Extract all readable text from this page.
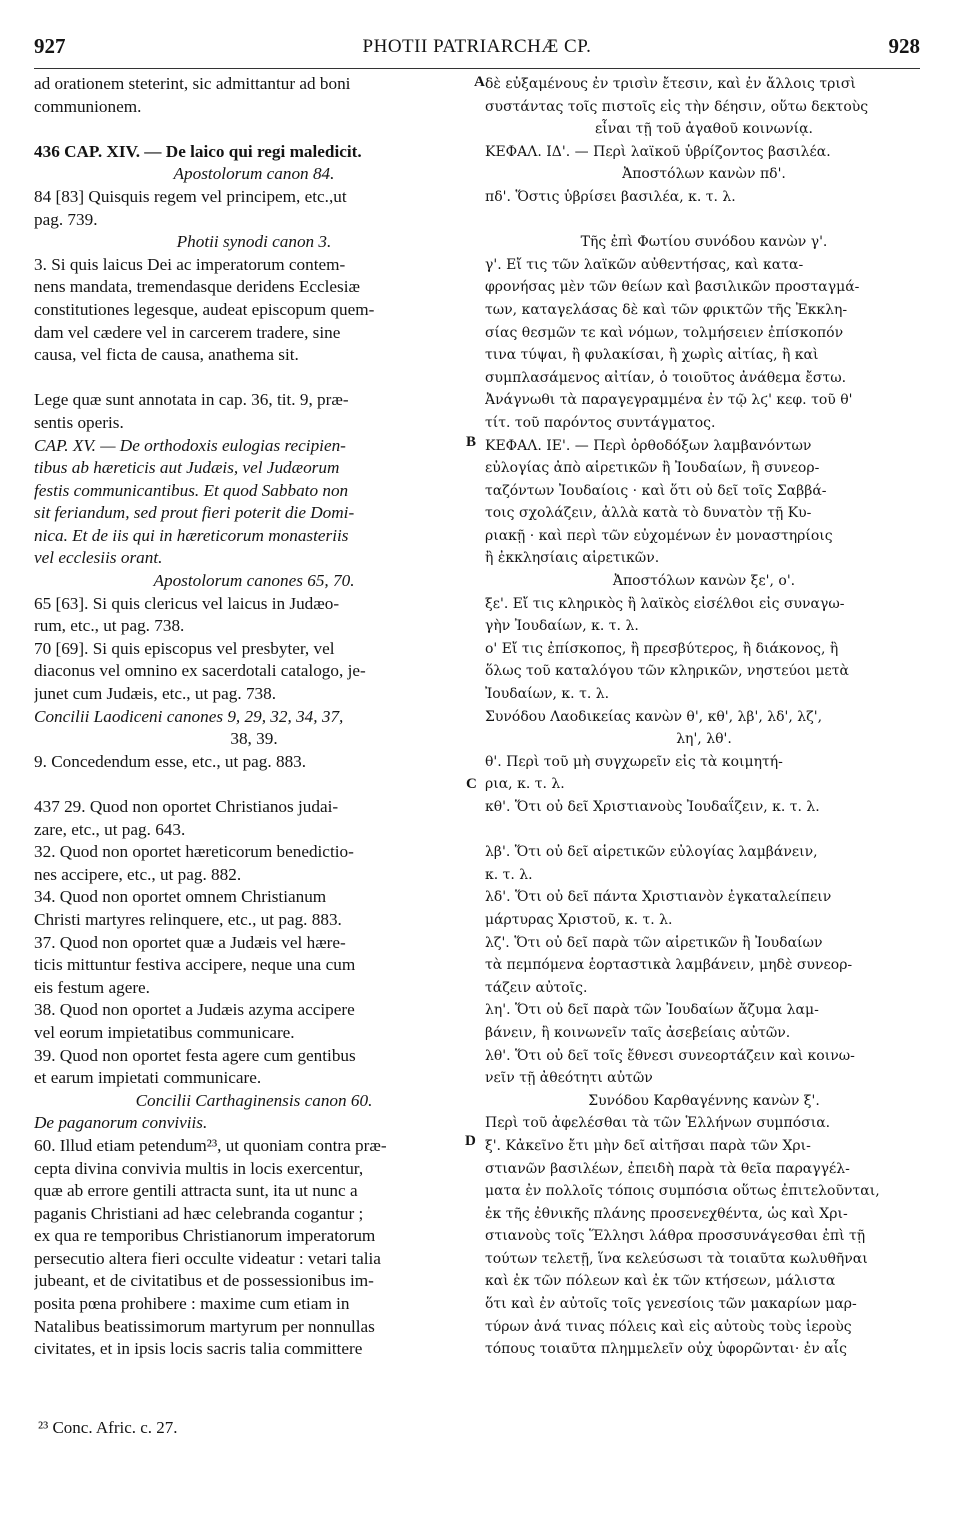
927	PHOTII PATRIARCHÆ CP.	928
A
B
C
D
ad orationem steterint, sic admittantur ad boni
communionem.
436 CAP. XIV. — De laico qui regi maledicit.
Apostolorum canon 84.
84 [83] Quisquis regem vel principem, etc.,ut
pag. 739.
Photii synodi canon 3.
3. Si quis laicus Dei ac imperatorum contem-
nens mandata, tremendasque deridens Ecclesiæ
constitutiones legesque, audeat episcopum quem-
dam vel cædere vel in carcerem tradere, sine
causa, vel ficta de causa, anathema sit.
Lege quæ sunt annotata in cap. 36, tit. 9, præ-
sentis operis.
CAP. XV. — De orthodoxis eulogias recipien-
tibus ab hæreticis aut Judæis, vel Judæorum
festis communicantibus. Et quod Sabbato non
sit feriandum, sed prout fieri poterit die Domi-
nica. Et de iis qui in hæreticorum monasteriis
vel ecclesiis orant.
Apostolorum canones 65, 70.
65 [63]. Si quis clericus vel laicus in Judæo-
rum, etc., ut pag. 738.
70 [69]. Si quis episcopus vel presbyter, vel
diaconus vel omnino ex sacerdotali catalogo, je-
junet cum Judæis, etc., ut pag. 738.
Concilii Laodiceni canones 9, 29, 32, 34, 37,
38, 39.
9. Concedendum esse, etc., ut pag. 883.
437 29. Quod non oportet Christianos judai-
zare, etc., ut pag. 643.
32. Quod non oportet hæreticorum benedictio-
nes accipere, etc., ut pag. 882.
34. Quod non oportet omnem Christianum
Christi martyres relinquere, etc., ut pag. 883.
37. Quod non oportet quæ a Judæis vel hære-
ticis mittuntur festiva accipere, neque una cum
eis festum agere.
38. Quod non oportet a Judæis azyma accipere
vel eorum impietatibus communicare.
39. Quod non oportet festa agere cum gentibus
et earum impietati communicare.
Concilii Carthaginensis canon 60.
De paganorum conviviis.
60. Illud etiam petendum²³, ut quoniam contra præ-
cepta divina convivia multis in locis exercentur,
quæ ab errore gentili attracta sunt, ita ut nunc a
paganis Christiani ad hæc celebranda cogantur ;
ex qua re temporibus Christianorum imperatorum
persecutio altera fieri occulte videatur : vetari talia
jubeant, et de civitatibus et de possessionibus im-
posita pœna prohibere : maxime cum etiam in
Natalibus beatissimorum martyrum per nonnullas
civitates, et in ipsis locis sacris talia committere
δὲ εὐξαμένους ἐν τρισὶν ἔτεσιν, καὶ ἐν ἄλλοις τρισὶ
συστάντας τοῖς πιστοῖς εἰς τὴν δέησιν, οὕτω δεκτοὺς
εἶναι τῇ τοῦ ἀγαθοῦ κοινωνίᾳ.
ΚΕΦΑΛ. ΙΔ'. — Περὶ λαϊκοῦ ὑβρίζοντος βασιλέα.
Ἀποστόλων κανὼν πδ'.
πδ'. Ὅστις ὑβρίσει βασιλέα, κ. τ. λ.
Τῆς ἐπὶ Φωτίου συνόδου κανὼν γ'.
γ'. Εἴ τις τῶν λαϊκῶν αὐθεντήσας, καὶ κατα-
φρονήσας μὲν τῶν θείων καὶ βασιλικῶν προσταγμά-
των, καταγελάσας δὲ καὶ τῶν φρικτῶν τῆς Ἐκκλη-
σίας θεσμῶν τε καὶ νόμων, τολμήσειεν ἐπίσκοπόν
τινα τύψαι, ἢ φυλακίσαι, ἢ χωρὶς αἰτίας, ἢ καὶ
συμπλασάμενος αἰτίαν, ὁ τοιοῦτος ἀνάθεμα ἔστω.
Ἀνάγνωθι τὰ παραγεγραμμένα ἐν τῷ λϛ' κεφ. τοῦ θ'
τίτ. τοῦ παρόντος συντάγματος.
ΚΕΦΑΛ. ΙΕ'. — Περὶ ὀρθοδόξων λαμβανόντων
εὐλογίας ἀπὸ αἱρετικῶν ἢ Ἰουδαίων, ἢ συνεορ-
ταζόντων Ἰουδαίοις · καὶ ὅτι οὐ δεῖ τοῖς Σαββά-
τοις σχολάζειν, ἀλλὰ κατὰ τὸ δυνατὸν τῇ Κυ-
ριακῇ · καὶ περὶ τῶν εὐχομένων ἐν μοναστηρίοις
ἢ ἐκκλησίαις αἱρετικῶν.
Ἀποστόλων κανὼν ξε', ο'.
ξε'. Εἴ τις κληρικὸς ἢ λαϊκὸς εἰσέλθοι εἰς συναγω-
γὴν Ἰουδαίων, κ. τ. λ.
ο' Εἴ τις ἐπίσκοπος, ἢ πρεσβύτερος, ἢ διάκονος, ἢ
ὅλως τοῦ καταλόγου τῶν κληρικῶν, νηστεύοι μετὰ
Ἰουδαίων, κ. τ. λ.
Συνόδου Λαοδικείας κανὼν θ', κθ', λβ', λδ', λζ',
λη', λθ'.
θ'. Περὶ τοῦ μὴ συγχωρεῖν εἰς τὰ κοιμητή-
ρια, κ. τ. λ.
κθ'. Ὅτι οὐ δεῖ Χριστιανοὺς Ἰουδαΐζειν, κ. τ. λ.
λβ'. Ὅτι οὐ δεῖ αἱρετικῶν εὐλογίας λαμβάνειν,
κ. τ. λ.
λδ'. Ὅτι οὐ δεῖ πάντα Χριστιανὸν ἐγκαταλείπειν
μάρτυρας Χριστοῦ, κ. τ. λ.
λζ'. Ὅτι οὐ δεῖ παρὰ τῶν αἱρετικῶν ἢ Ἰουδαίων
τὰ πεμπόμενα ἑορταστικὰ λαμβάνειν, μηδὲ συνεορ-
τάζειν αὐτοῖς.
λη'. Ὅτι οὐ δεῖ παρὰ τῶν Ἰουδαίων ἄζυμα λαμ-
βάνειν, ἢ κοινωνεῖν ταῖς ἀσεβείαις αὐτῶν.
λθ'. Ὅτι οὐ δεῖ τοῖς ἔθνεσι συνεορτάζειν καὶ κοινω-
νεῖν τῇ ἀθεότητι αὐτῶν
Συνόδου Καρθαγέννης κανὼν ξ'.
Περὶ τοῦ ἀφελέσθαι τὰ τῶν Ἑλλήνων συμπόσια.
ξ'. Κἀκεῖνο ἔτι μὴν δεῖ αἰτῆσαι παρὰ τῶν Χρι-
στιανῶν βασιλέων, ἐπειδὴ παρὰ τὰ θεῖα παραγγέλ-
ματα ἐν πολλοῖς τόποις συμπόσια οὕτως ἐπιτελοῦνται,
ἐκ τῆς ἐθνικῆς πλάνης προσενεχθέντα, ὡς καὶ Χρι-
στιανοὺς τοῖς Ἕλλησι λάθρα προσσυνάγεσθαι ἐπὶ τῇ
τούτων τελετῇ, ἵνα κελεύσωσι τὰ τοιαῦτα κωλυθῆναι
καὶ ἐκ τῶν πόλεων καὶ ἐκ τῶν κτήσεων, μάλιστα
ὅτι καὶ ἐν αὐτοῖς τοῖς γενεσίοις τῶν μακαρίων μαρ-
τύρων ἀνά τινας πόλεις καὶ εἰς αὐτοὺς τοὺς ἱεροὺς
τόπους τοιαῦτα πλημμελεῖν οὐχ ὑφορῶνται· ἐν αἷς
²³ Conc. Afric. c. 27.
